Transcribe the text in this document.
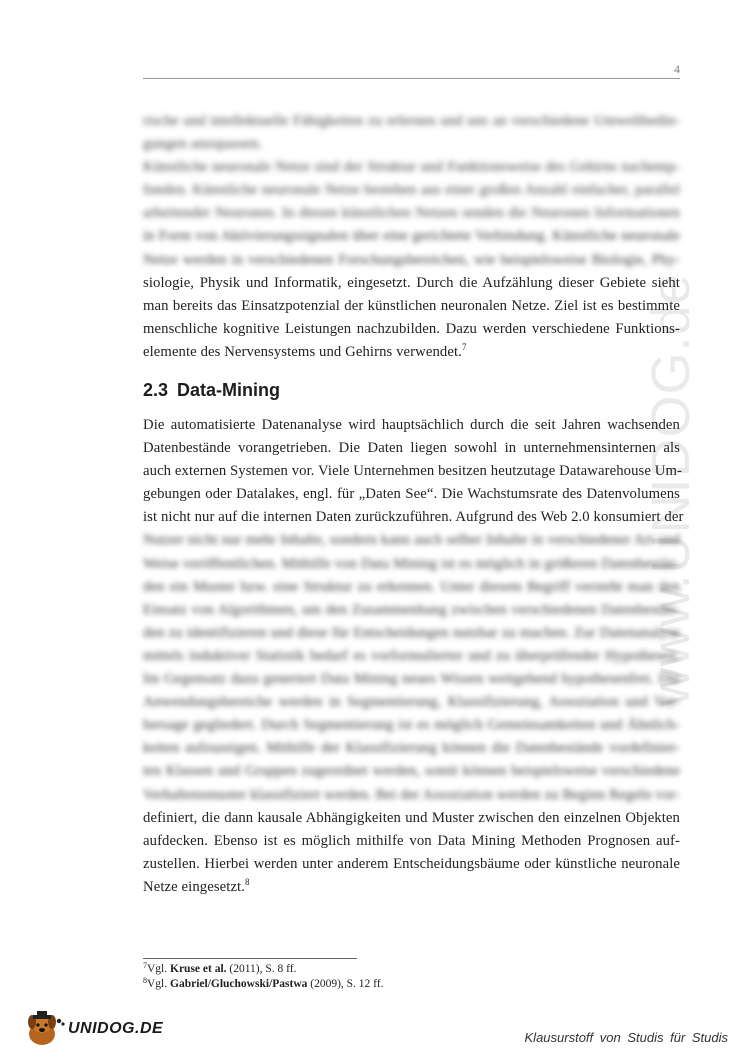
4
www.UNIDOG.de
rische und intellektuelle Fähigkeiten zu erlernen und uns an verschiedene Umweltbedin-
gungen anzupassen.
Künstliche neuronale Netze sind der Struktur und Funktionsweise des Gehirns nachemp-
funden. Künstliche neuronale Netze bestehen aus einer großen Anzahl einfacher, parallel
arbeitender Neuronen. In diesen künstlichen Netzen senden die Neuronen Informationen
in Form von Aktivierungssignalen über eine gerichtete Verbindung. Künstliche neuronale
Netze werden in verschiedenen Forschungsbereichen, wie beispielsweise Biologie, Phy-
siologie, Physik und Informatik, eingesetzt. Durch die Aufzählung dieser Gebiete sieht
man bereits das Einsatzpotenzial der künstlichen neuronalen Netze. Ziel ist es bestimmte
menschliche kognitive Leistungen nachzubilden. Dazu werden verschiedene Funktions-
elemente des Nervensystems und Gehirns verwendet.$^7$
2.3 Data-Mining
Die automatisierte Datenanalyse wird hauptsächlich durch die seit Jahren wachsenden
Datenbestände vorangetrieben. Die Daten liegen sowohl in unternehmensinternen als
auch externen Systemen vor. Viele Unternehmen besitzen heutzutage Datawarehouse Um-
gebungen oder Datalakes, engl. für „Daten See“. Die Wachstumsrate des Datenvolumens
ist nicht nur auf die internen Daten zurückzuführen. Aufgrund des Web 2.0 konsumiert der
Nutzer nicht nur mehr Inhalte, sondern kann auch selber Inhalte in verschiedener Art und
Weise veröffentlichen. Mithilfe von Data Mining ist es möglich in größeren Datenbestän-
den ein Muster bzw. eine Struktur zu erkennen. Unter diesem Begriff versteht man den
Einsatz von Algorithmen, um den Zusammenhang zwischen verschiedenen Datenbestän-
den zu identifizieren und diese für Entscheidungen nutzbar zu machen. Zur Datenanalyse
mittels induktiver Statistik bedarf es vorformulierter und zu überprüfender Hypothesen.
Im Gegensatz dazu generiert Data Mining neues Wissen weitgehend hypothesenfrei. Die
Anwendungsbereiche werden in Segmentierung, Klassifizierung, Assoziation und Vor-
hersage gegliedert. Durch Segmentierung ist es möglich Gemeinsamkeiten und Ähnlich-
keiten aufzuzeigen. Mithilfe der Klassifizierung können die Datenbestände vordefinier-
ten Klassen und Gruppen zugeordnet werden, somit können beispielsweise verschiedene
Verhaltensmuster klassifiziert werden. Bei der Assoziation werden zu Beginn Regeln vor-
definiert, die dann kausale Abhängigkeiten und Muster zwischen den einzelnen Objekten
aufdecken. Ebenso ist es möglich mithilfe von Data Mining Methoden Prognosen auf-
zustellen. Hierbei werden unter anderem Entscheidungsbäume oder künstliche neuronale
Netze eingesetzt.$^8$
$^7$Vgl. Kruse et al. (2011), S. 8 ff.
$^8$Vgl. Gabriel/Gluchowski/Pastwa (2009), S. 12 ff.
UNIDOG.DE
Klausurstoff von Studis für Studis
